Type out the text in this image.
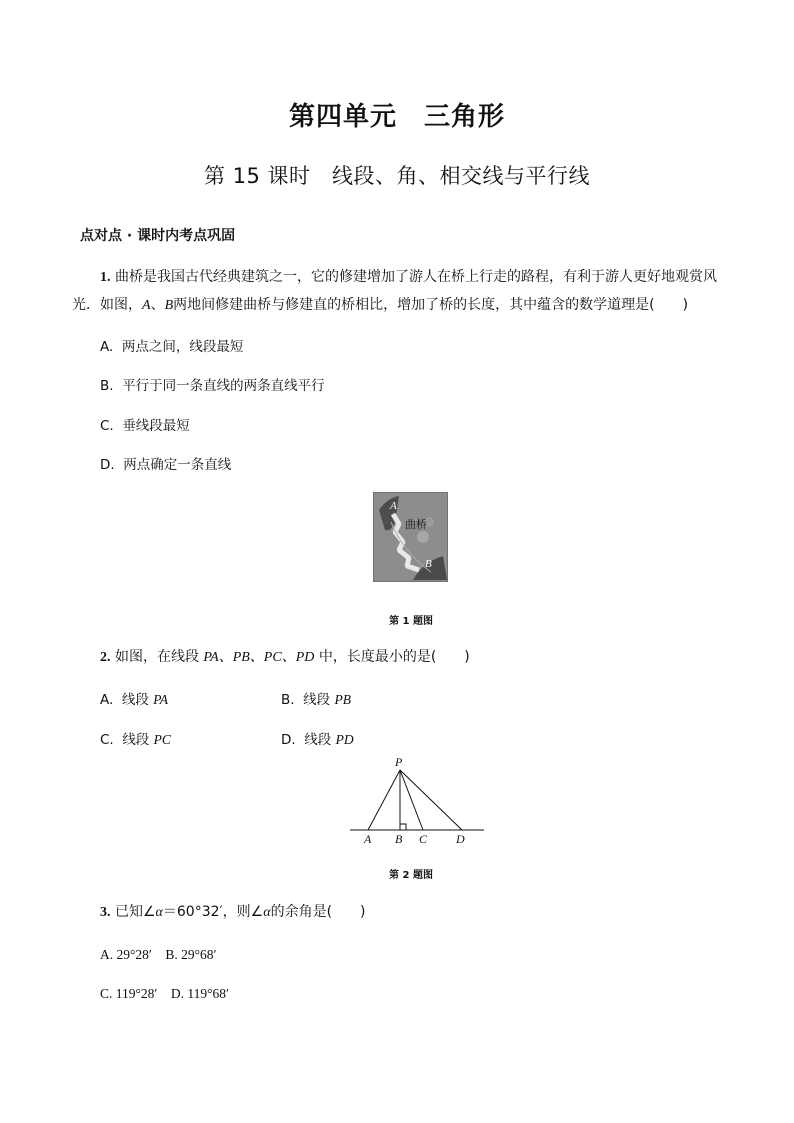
第四单元　三角形
第 15 课时　线段、角、相交线与平行线
点对点 · 课时内考点巩固
1. 曲桥是我国古代经典建筑之一，它的修建增加了游人在桥上行走的路程，有利于游人更好地观赏风
光．如图，A、B两地间修建曲桥与修建直的桥相比，增加了桥的长度，其中蕴含的数学道理是(　　)
A. 两点之间，线段最短
B. 平行于同一条直线的两条直线平行
C. 垂线段最短
D. 两点确定一条直线
A
曲桥
B
第 1 题图
2. 如图，在线段 PA、PB、PC、PD 中，长度最小的是(　　)
A. 线段 PA	B. 线段 PB
C. 线段 PC	D. 线段 PD
P
A B C D
第 2 题图
3. 已知∠α＝60°32′，则∠α的余角是(　　)
A. 29°28′　B. 29°68′
C. 119°28′　D. 119°68′
